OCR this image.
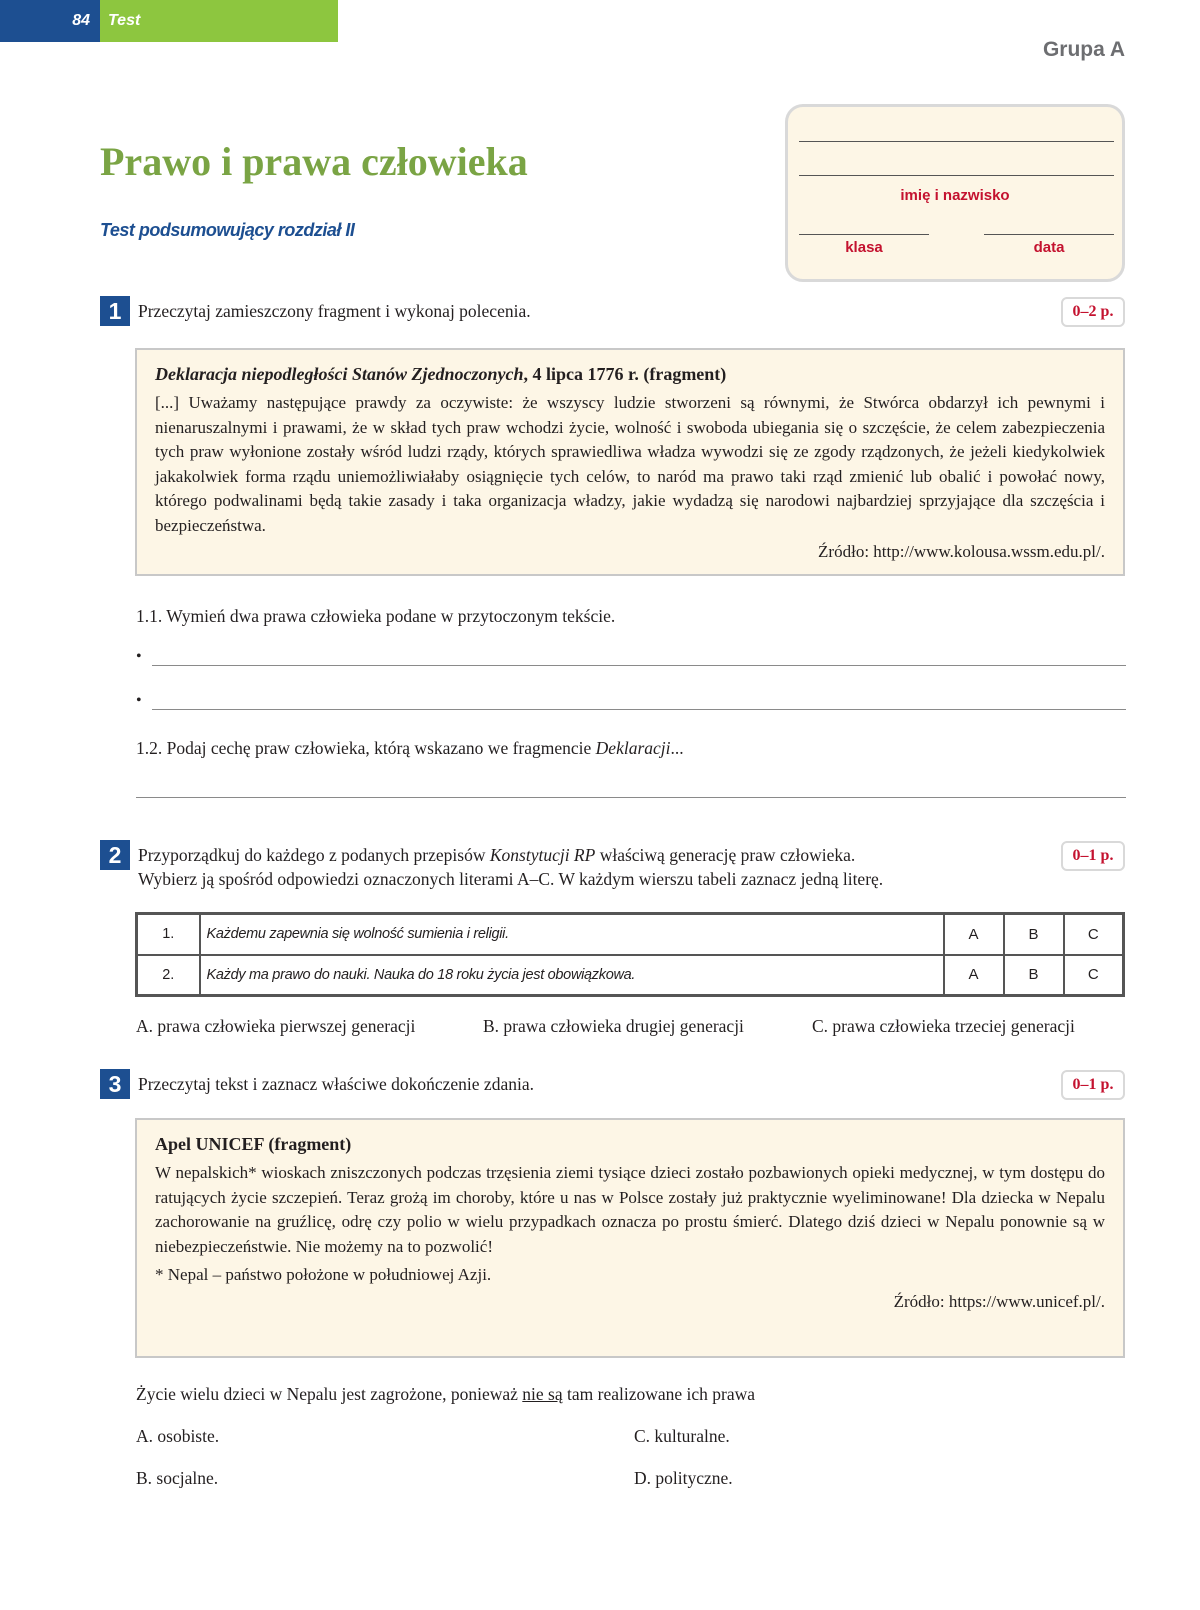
84	Test
Grupa A
Prawo i prawa człowieka
Test podsumowujący rozdział II
imię i nazwisko
klasa	data
1 Przeczytaj zamieszczony fragment i wykonaj polecenia.	0–2 p.
Deklaracja niepodległości Stanów Zjednoczonych, 4 lipca 1776 r. (fragment)

[...] Uważamy następujące prawdy za oczywiste: że wszyscy ludzie stworzeni są równymi, że Stwórca obdarzył ich pewnymi i nienaruszalnymi i prawami, że w skład tych praw wchodzi życie, wolność i swoboda ubiegania się o szczęście, że celem zabezpieczenia tych praw wyłonione zostały wśród ludzi rządy, których sprawiedliwa władza wywodzi się ze zgody rządzonych, że jeżeli kiedykolwiek jakakolwiek forma rządu uniemożliwiałaby osiągnięcie tych celów, to naród ma prawo taki rząd zmienić lub obalić i powołać nowy, którego podwalinami będą takie zasady i taka organizacja władzy, jakie wydadzą się narodowi najbardziej sprzyjające dla szczęścia i bezpieczeństwa.

Źródło: http://www.kolousa.wssm.edu.pl/.
1.1. Wymień dwa prawa człowieka podane w przytoczonym tekście.
•
•
1.2. Podaj cechę praw człowieka, którą wskazano we fragmencie Deklaracji...
2 Przyporządkuj do każdego z podanych przepisów Konstytucji RP właściwą generację praw człowieka.
Wybierz ją spośród odpowiedzi oznaczonych literami A–C. W każdym wierszu tabeli zaznacz jedną literę.
0–1 p.
1.	Każdemu zapewnia się wolność sumienia i religii.	A	B	C
2.	Każdy ma prawo do nauki. Nauka do 18 roku życia jest obowiązkowa.	A	B	C
A. prawa człowieka pierwszej generacji	B. prawa człowieka drugiej generacji	C. prawa człowieka trzeciej generacji
3 Przeczytaj tekst i zaznacz właściwe dokończenie zdania.	0–1 p.
Apel UNICEF (fragment)

W nepalskich* wioskach zniszczonych podczas trzęsienia ziemi tysiące dzieci zostało pozbawionych opieki medycznej, w tym dostępu do ratujących życie szczepień. Teraz grożą im choroby, które u nas w Polsce zostały już praktycznie wyeliminowane! Dla dziecka w Nepalu zachorowanie na gruźlicę, odrę czy polio w wielu przypadkach oznacza po prostu śmierć. Dlatego dziś dzieci w Nepalu ponownie są w niebezpieczeństwie. Nie możemy na to pozwolić!

* Nepal – państwo położone w południowej Azji.

Źródło: https://www.unicef.pl/.
Życie wielu dzieci w Nepalu jest zagrożone, ponieważ nie są tam realizowane ich prawa
A. osobiste.	C. kulturalne.
B. socjalne.	D. polityczne.
